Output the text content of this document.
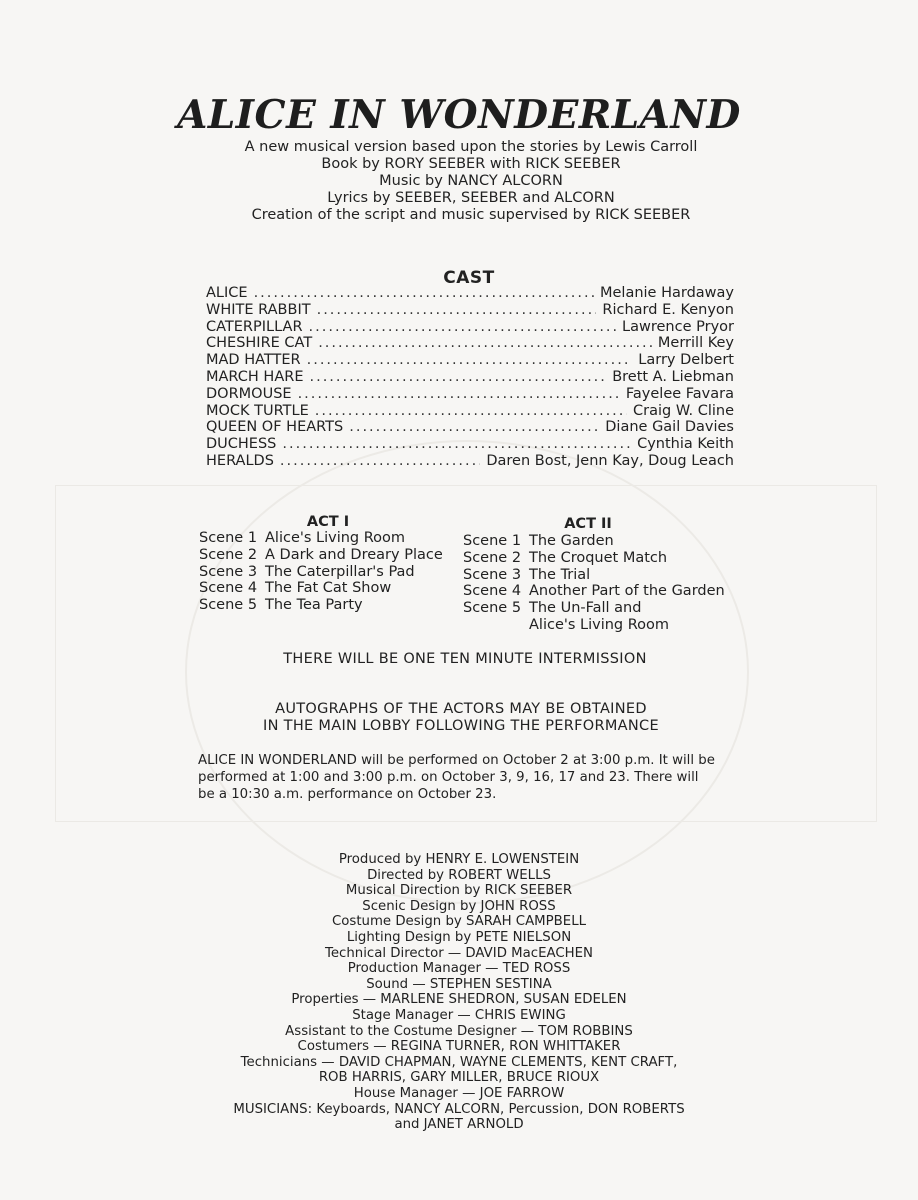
ALICE IN WONDERLAND
A new musical version based upon the stories by Lewis Carroll
Book by RORY SEEBER with RICK SEEBER
Music by NANCY ALCORN
Lyrics by SEEBER, SEEBER and ALCORN
Creation of the script and music supervised by RICK SEEBER
CAST
ALICE .....	Melanie Hardaway
WHITE RABBIT .....	Richard E. Kenyon
CATERPILLAR .....	Lawrence Pryor
CHESHIRE CAT .....	Merrill Key
MAD HATTER .....	Larry Delbert
MARCH HARE .....	Brett A. Liebman
DORMOUSE .....	Fayelee Favara
MOCK TURTLE .....	Craig W. Cline
QUEEN OF HEARTS .....	Diane Gail Davies
DUCHESS .....	Cynthia Keith
HERALDS .....	Daren Bost, Jenn Kay, Doug Leach
ACT I
Scene 1 Alice's Living Room
Scene 2 A Dark and Dreary Place
Scene 3 The Caterpillar's Pad
Scene 4 The Fat Cat Show
Scene 5 The Tea Party
ACT II
Scene 1 The Garden
Scene 2 The Croquet Match
Scene 3 The Trial
Scene 4 Another Part of the Garden
Scene 5 The Un-Fall and
Alice's Living Room
THERE WILL BE ONE TEN MINUTE INTERMISSION
AUTOGRAPHS OF THE ACTORS MAY BE OBTAINED
IN THE MAIN LOBBY FOLLOWING THE PERFORMANCE
ALICE IN WONDERLAND will be performed on October 2 at 3:00 p.m. It will be performed at 1:00 and 3:00 p.m. on October 3, 9, 16, 17 and 23. There will be a 10:30 a.m. performance on October 23.
Produced by HENRY E. LOWENSTEIN
Directed by ROBERT WELLS
Musical Direction by RICK SEEBER
Scenic Design by JOHN ROSS
Costume Design by SARAH CAMPBELL
Lighting Design by PETE NIELSON
Technical Director — DAVID MacEACHEN
Production Manager — TED ROSS
Sound — STEPHEN SESTINA
Properties — MARLENE SHEDRON, SUSAN EDELEN
Stage Manager — CHRIS EWING
Assistant to the Costume Designer — TOM ROBBINS
Costumers — REGINA TURNER, RON WHITTAKER
Technicians — DAVID CHAPMAN, WAYNE CLEMENTS, KENT CRAFT,
ROB HARRIS, GARY MILLER, BRUCE RIOUX
House Manager — JOE FARROW
MUSICIANS: Keyboards, NANCY ALCORN, Percussion, DON ROBERTS
and JANET ARNOLD
